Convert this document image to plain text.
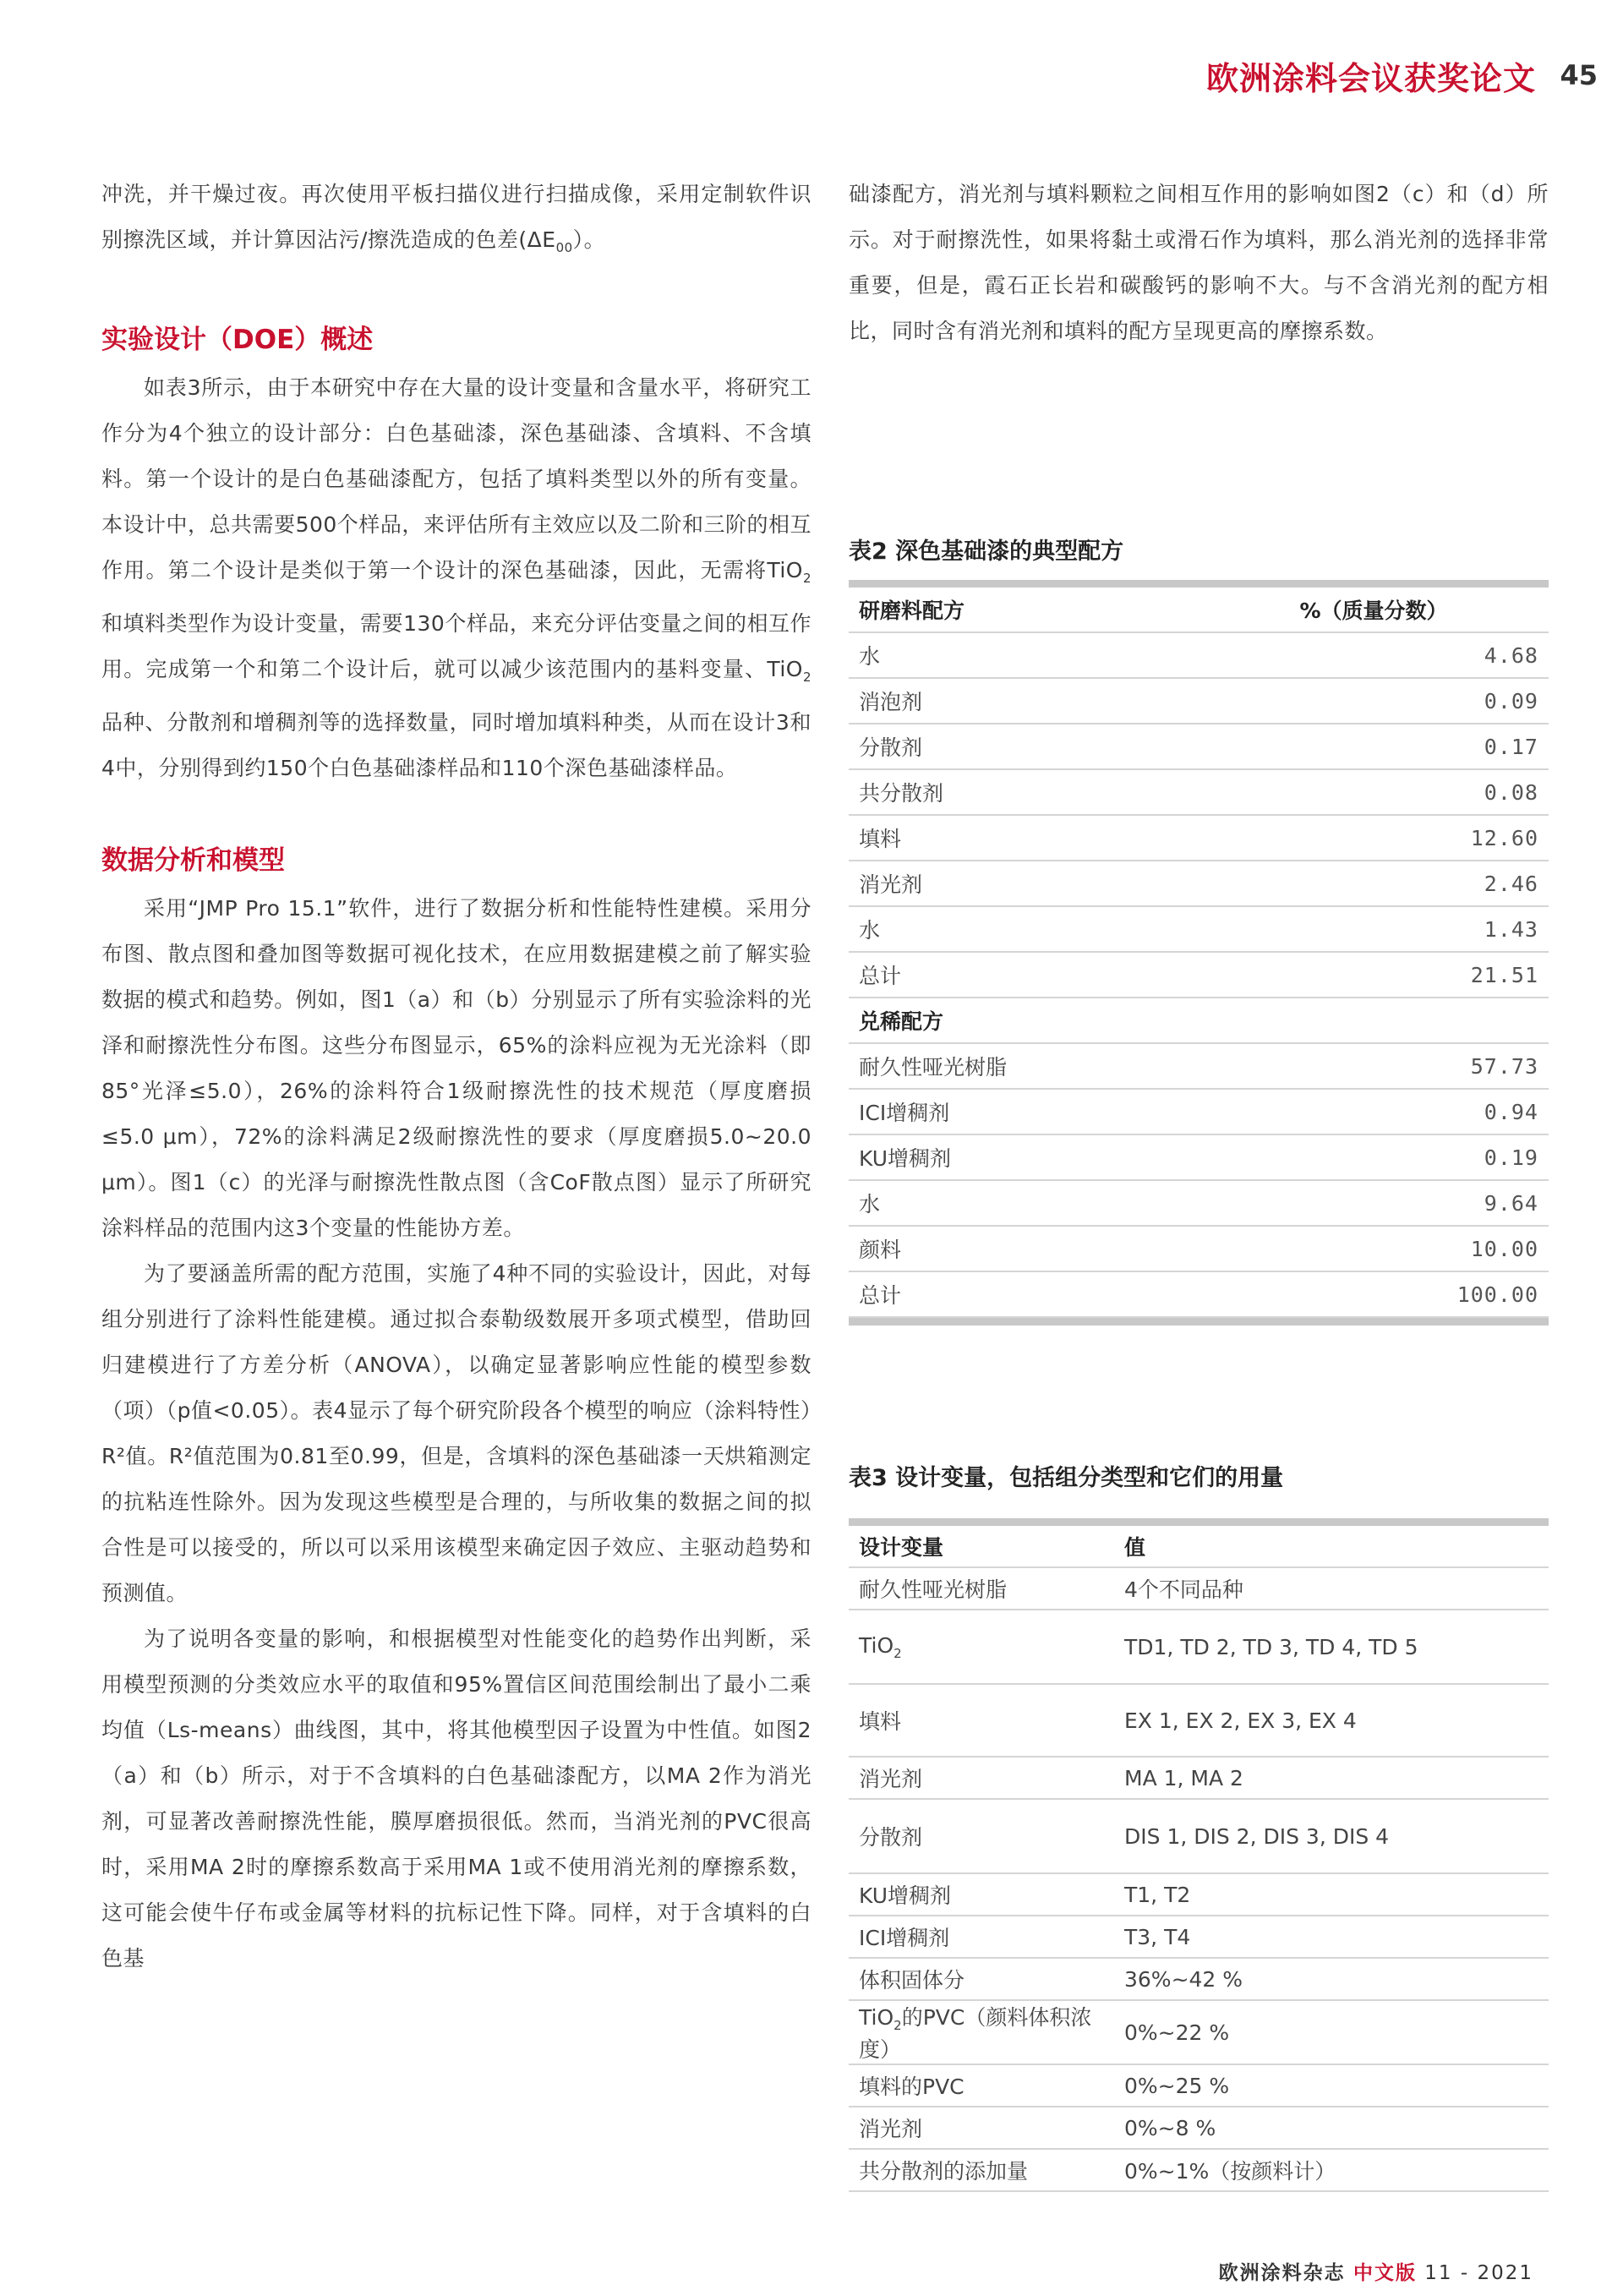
欧洲涂料会议获奖论文 45

冲洗，并干燥过夜。再次使用平板扫描仪进行扫描成像，采用定制软件识别擦洗区域，并计算因沾污/擦洗造成的色差$(\Delta E_{00})$。

实验设计（DOE）概述

如表3所示，由于本研究中存在大量的设计变量和含量水平，将研究工作分为4个独立的设计部分：白色基础漆，深色基础漆、含填料、不含填料。第一个设计的是白色基础漆配方，包括了填料类型以外的所有变量。本设计中，总共需要500个样品，来评估所有主效应以及二阶和三阶的相互作用。第二个设计是类似于第一个设计的深色基础漆，因此，无需将TiO$_2$和填料类型作为设计变量，需要130个样品，来充分评估变量之间的相互作用。完成第一个和第二个设计后，就可以减少该范围内的基料变量、TiO$_2$品种、分散剂和增稠剂等的选择数量，同时增加填料种类，从而在设计3和4中，分别得到约150个白色基础漆样品和110个深色基础漆样品。

数据分析和模型

采用“JMP Pro 15.1”软件，进行了数据分析和性能特性建模。采用分布图、散点图和叠加图等数据可视化技术，在应用数据建模之前了解实验数据的模式和趋势。例如，图1（a）和（b）分别显示了所有实验涂料的光泽和耐擦洗性分布图。这些分布图显示，65%的涂料应视为无光涂料（即85°光泽≤5.0），26%的涂料符合1级耐擦洗性的技术规范（厚度磨损≤5.0 μm），72%的涂料满足2级耐擦洗性的要求（厚度磨损5.0~20.0 μm）。图1（c）的光泽与耐擦洗性散点图（含CoF散点图）显示了所研究涂料样品的范围内这3个变量的性能协方差。

为了要涵盖所需的配方范围，实施了4种不同的实验设计，因此，对每组分别进行了涂料性能建模。通过拟合泰勒级数展开多项式模型，借助回归建模进行了方差分析（ANOVA），以确定显著影响应性能的模型参数（项）（p值<0.05）。表4显示了每个研究阶段各个模型的响应（涂料特性）R²值。R²值范围为0.81至0.99，但是，含填料的深色基础漆一天烘箱测定的抗粘连性除外。因为发现这些模型是合理的，与所收集的数据之间的拟合性是可以接受的，所以可以采用该模型来确定因子效应、主驱动趋势和预测值。

为了说明各变量的影响，和根据模型对性能变化的趋势作出判断，采用模型预测的分类效应水平的取值和95%置信区间范围绘制出了最小二乘均值（Ls-means）曲线图，其中，将其他模型因子设置为中性值。如图2（a）和（b）所示，对于不含填料的白色基础漆配方，以MA 2作为消光剂，可显著改善耐擦洗性能，膜厚磨损很低。然而，当消光剂的PVC很高时，采用MA 2时的摩擦系数高于采用MA 1或不使用消光剂的摩擦系数，这可能会使牛仔布或金属等材料的抗标记性下降。同样，对于含填料的白色基

础漆配方，消光剂与填料颗粒之间相互作用的影响如图2（c）和（d）所示。对于耐擦洗性，如果将黏土或滑石作为填料，那么消光剂的选择非常重要，但是，霞石正长岩和碳酸钙的影响不大。与不含消光剂的配方相比，同时含有消光剂和填料的配方呈现更高的摩擦系数。

表2 深色基础漆的典型配方

研磨料配方	%（质量分数）
水	4.68
消泡剂	0.09
分散剂	0.17
共分散剂	0.08
填料	12.60
消光剂	2.46
水	1.43
总计	21.51
兑稀配方	
耐久性哑光树脂	57.73
ICI增稠剂	0.94
KU增稠剂	0.19
水	9.64
颜料	10.00
总计	100.00

表3 设计变量，包括组分类型和它们的用量

设计变量	值
耐久性哑光树脂	4个不同品种
TiO$_2$	TD1, TD 2, TD 3, TD 4, TD 5
填料	EX 1, EX 2, EX 3, EX 4
消光剂	MA 1, MA 2
分散剂	DIS 1, DIS 2, DIS 3, DIS 4
KU增稠剂	T1, T2
ICI增稠剂	T3, T4
体积固体分	36%~42 %
TiO$_2$的PVC（颜料体积浓度）	0%~22 %
填料的PVC	0%~25 %
消光剂	0%~8 %
共分散剂的添加量	0%~1%（按颜料计）
欧洲涂料杂志 中文版 11 - 2021
